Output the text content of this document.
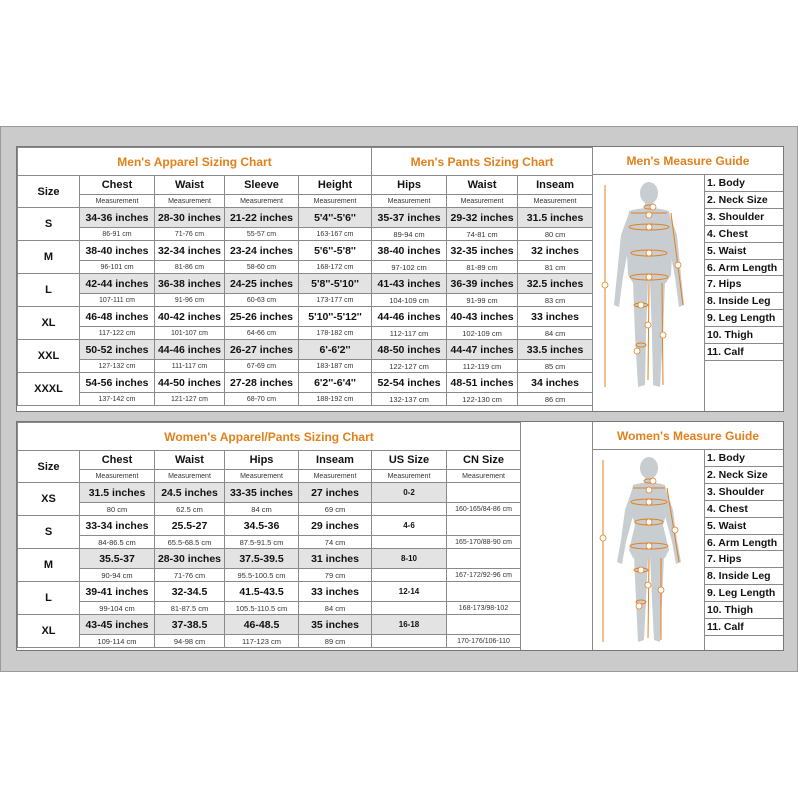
Men's Apparel Sizing Chart					Men's Pants Sizing Chart		
Size	Chest	Waist	Sleeve	Height	Hips	Waist	Inseam
	Measurement	Measurement	Measurement	Measurement	Measurement	Measurement	Measurement
S	34-36 inches	28-30 inches	21-22 inches	5'4''-5'6''	35-37 inches	29-32 inches	31.5 inches
	86-91 cm	71-76 cm	55-57 cm	163-167 cm	89-94 cm	74-81 cm	80 cm
M	38-40 inches	32-34 inches	23-24 inches	5'6''-5'8''	38-40 inches	32-35 inches	32 inches
	96-101 cm	81-86 cm	58-60 cm	168-172 cm	97-102 cm	81-89 cm	81 cm
L	42-44 inches	36-38 inches	24-25 inches	5'8''-5'10''	41-43 inches	36-39 inches	32.5 inches
	107-111 cm	91-96 cm	60-63 cm	173-177 cm	104-109 cm	91-99 cm	83 cm
XL	46-48 inches	40-42 inches	25-26 inches	5'10''-5'12''	44-46 inches	40-43 inches	33 inches
	117-122 cm	101-107 cm	64-66 cm	178-182 cm	112-117 cm	102-109 cm	84 cm
XXL	50-52 inches	44-46 inches	26-27 inches	6'-6'2''	48-50 inches	44-47 inches	33.5 inches
	127-132 cm	111-117 cm	67-69 cm	183-187 cm	122-127 cm	112-119 cm	85 cm
XXXL	54-56 inches	44-50 inches	27-28 inches	6'2''-6'4''	52-54 inches	48-51 inches	34 inches
	137-142 cm	121-127 cm	68-70 cm	188-192 cm	132-137 cm	122-130 cm	86 cm
Men's Measure Guide
1. Body
2. Neck Size
3. Shoulder
4. Chest
5. Waist
6. Arm Length
7. Hips
8. Inside Leg
9. Leg Length
10. Thigh
11. Calf
Women's Apparel/Pants Sizing Chart						
Size	Chest	Waist	Hips	Inseam	US Size	CN Size
	Measurement	Measurement	Measurement	Measurement	Measurement	Measurement
XS	31.5 inches	24.5 inches	33-35 inches	27 inches	0-2	
	80 cm	62.5 cm	84 cm	69 cm		160-165/84-86 cm
S	33-34 inches	25.5-27	34.5-36	29 inches	4-6	
	84-86.5 cm	65.5-68.5 cm	87.5-91.5 cm	74 cm		165-170/88-90 cm
M	35.5-37	28-30 inches	37.5-39.5	31 inches	8-10	
	90-94 cm	71-76 cm	95.5-100.5 cm	79 cm		167-172/92-96 cm
L	39-41 inches	32-34.5	41.5-43.5	33 inches	12-14	
	99-104 cm	81-87.5 cm	105.5-110.5 cm	84 cm		168-173/98-102
XL	43-45 inches	37-38.5	46-48.5	35 inches	16-18	
	109-114 cm	94-98 cm	117-123 cm	89 cm		170-176/106-110
Women's Measure Guide
1. Body
2. Neck Size
3. Shoulder
4. Chest
5. Waist
6. Arm Length
7. Hips
8. Inside Leg
9. Leg Length
10. Thigh
11. Calf
